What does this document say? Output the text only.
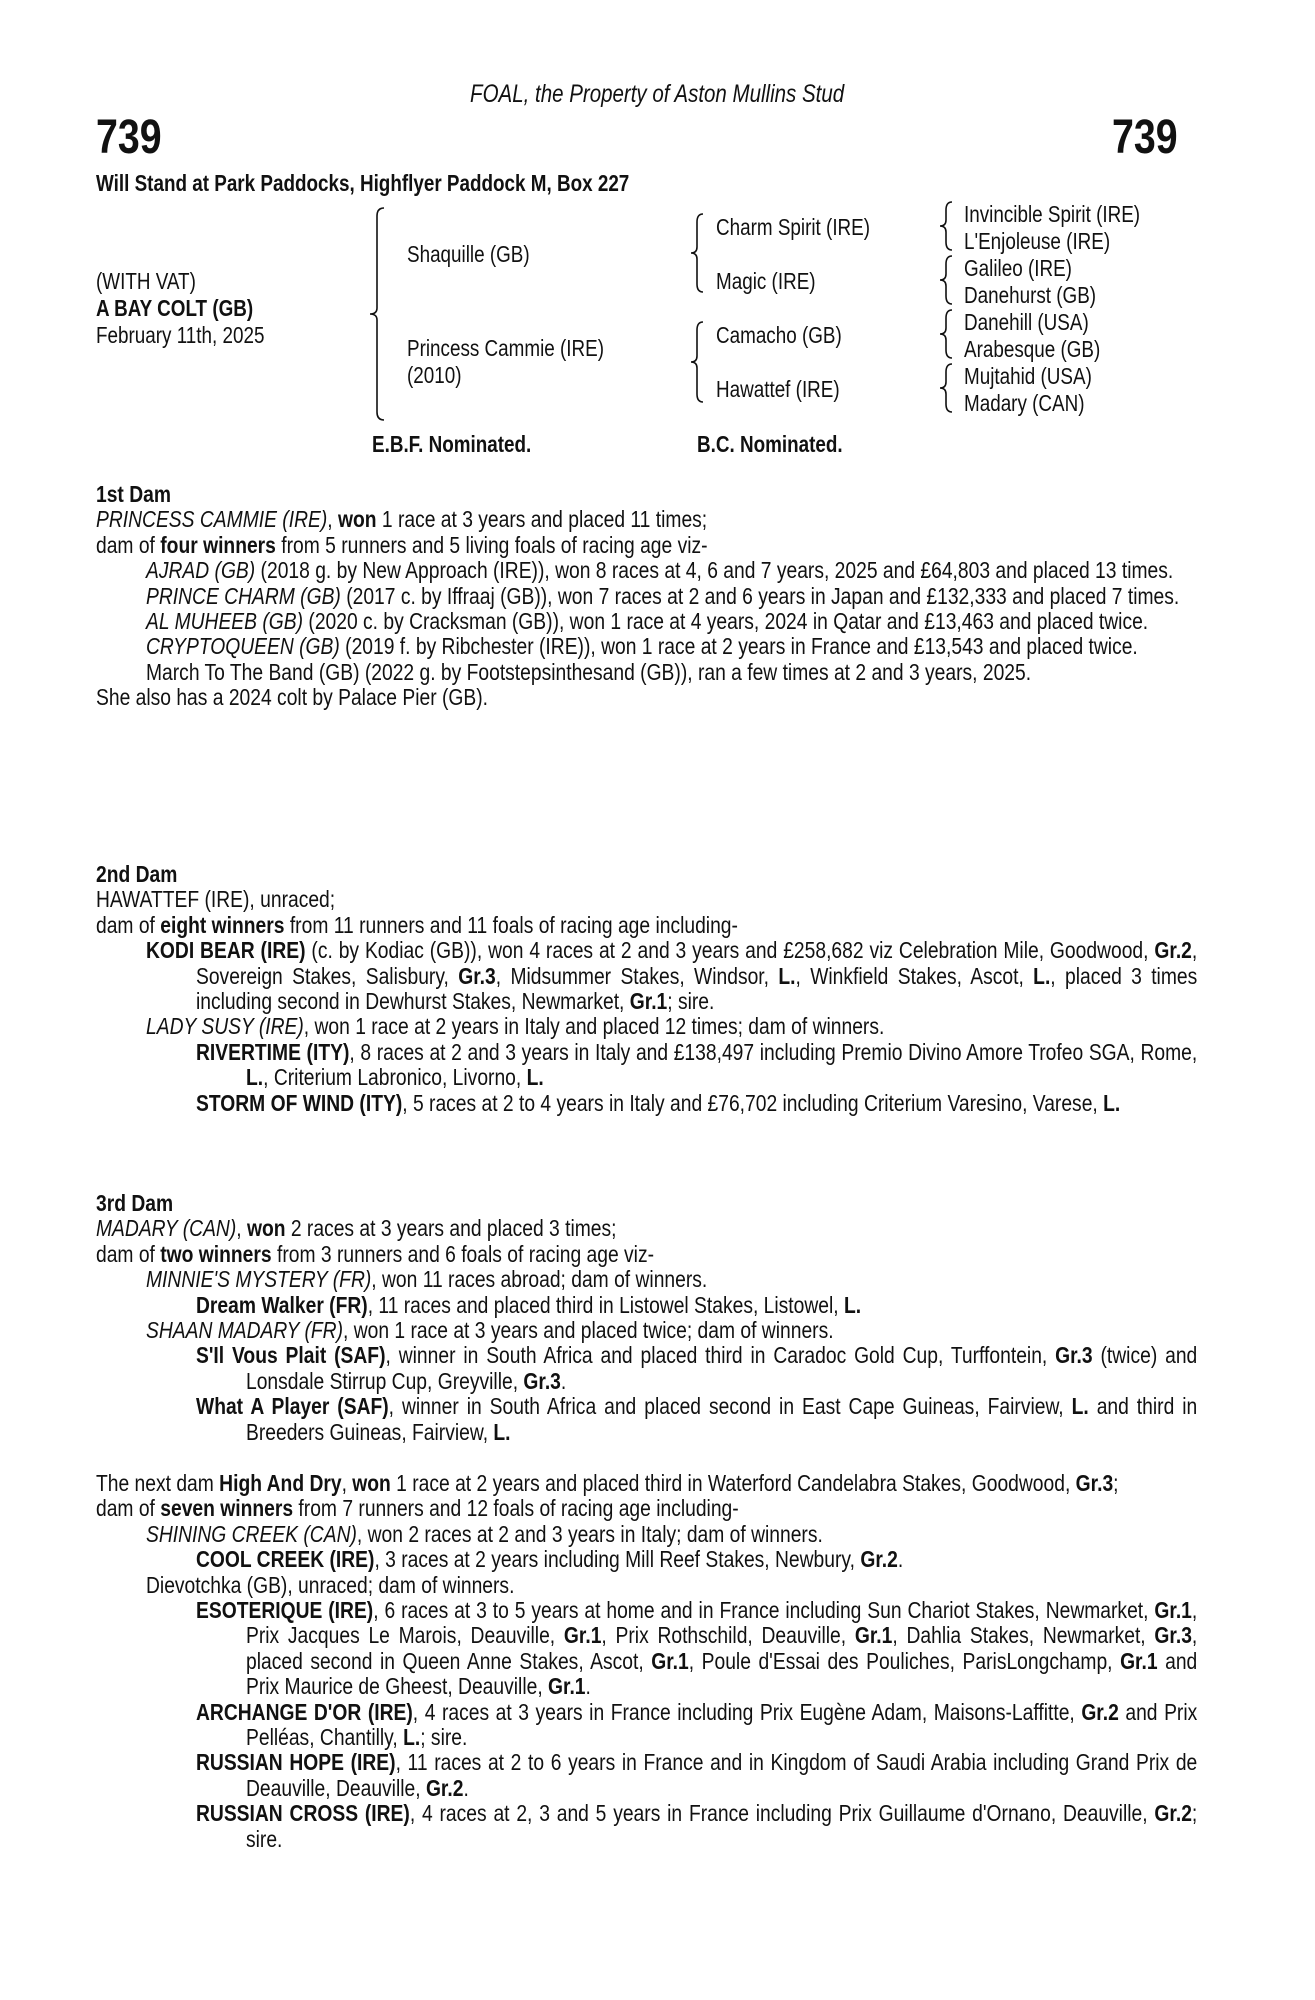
FOAL, the Property of Aston Mullins Stud
739	739
Will Stand at Park Paddocks, Highflyer Paddock M, Box 227
(WITH VAT)
A BAY COLT (GB)
February 11th, 2025
Shaquille (GB)
Princess Cammie (IRE)
(2010)
Charm Spirit (IRE)
Magic (IRE)
Camacho (GB)
Hawattef (IRE)
Invincible Spirit (IRE)
L'Enjoleuse (IRE)
Galileo (IRE)
Danehurst (GB)
Danehill (USA)
Arabesque (GB)
Mujtahid (USA)
Madary (CAN)
E.B.F. Nominated.	B.C. Nominated.
1st Dam

PRINCESS CAMMIE (IRE), won 1 race at 3 years and placed 11 times;

dam of four winners from 5 runners and 5 living foals of racing age viz-

AJRAD (GB) (2018 g. by New Approach (IRE)), won 8 races at 4, 6 and 7 years, 2025 and £64,803 and placed 13 times.

PRINCE CHARM (GB) (2017 c. by Iffraaj (GB)), won 7 races at 2 and 6 years in Japan and £132,333 and placed 7 times.

AL MUHEEB (GB) (2020 c. by Cracksman (GB)), won 1 race at 4 years, 2024 in Qatar and £13,463 and placed twice.

CRYPTOQUEEN (GB) (2019 f. by Ribchester (IRE)), won 1 race at 2 years in France and £13,543 and placed twice.

March To The Band (GB) (2022 g. by Footstepsinthesand (GB)), ran a few times at 2 and 3 years, 2025.

She also has a 2024 colt by Palace Pier (GB).

2nd Dam

HAWATTEF (IRE), unraced;

dam of eight winners from 11 runners and 11 foals of racing age including-

KODI BEAR (IRE) (c. by Kodiac (GB)), won 4 races at 2 and 3 years and £258,682 viz Celebration Mile, Goodwood, Gr.2, Sovereign Stakes, Salisbury, Gr.3, Midsummer Stakes, Windsor, L., Winkfield Stakes, Ascot, L., placed 3 times including second in Dewhurst Stakes, Newmarket, Gr.1; sire.

LADY SUSY (IRE), won 1 race at 2 years in Italy and placed 12 times; dam of winners.

RIVERTIME (ITY), 8 races at 2 and 3 years in Italy and £138,497 including Premio Divino Amore Trofeo SGA, Rome, L., Criterium Labronico, Livorno, L.

STORM OF WIND (ITY), 5 races at 2 to 4 years in Italy and £76,702 including Criterium Varesino, Varese, L.

3rd Dam

MADARY (CAN), won 2 races at 3 years and placed 3 times;

dam of two winners from 3 runners and 6 foals of racing age viz-

MINNIE'S MYSTERY (FR), won 11 races abroad; dam of winners.

Dream Walker (FR), 11 races and placed third in Listowel Stakes, Listowel, L.

SHAAN MADARY (FR), won 1 race at 3 years and placed twice; dam of winners.

S'Il Vous Plait (SAF), winner in South Africa and placed third in Caradoc Gold Cup, Turffontein, Gr.3 (twice) and Lonsdale Stirrup Cup, Greyville, Gr.3.

What A Player (SAF), winner in South Africa and placed second in East Cape Guineas, Fairview, L. and third in Breeders Guineas, Fairview, L.

The next dam High And Dry, won 1 race at 2 years and placed third in Waterford Candelabra Stakes, Goodwood, Gr.3;

dam of seven winners from 7 runners and 12 foals of racing age including-

SHINING CREEK (CAN), won 2 races at 2 and 3 years in Italy; dam of winners.

COOL CREEK (IRE), 3 races at 2 years including Mill Reef Stakes, Newbury, Gr.2.

Dievotchka (GB), unraced; dam of winners.

ESOTERIQUE (IRE), 6 races at 3 to 5 years at home and in France including Sun Chariot Stakes, Newmarket, Gr.1, Prix Jacques Le Marois, Deauville, Gr.1, Prix Rothschild, Deauville, Gr.1, Dahlia Stakes, Newmarket, Gr.3, placed second in Queen Anne Stakes, Ascot, Gr.1, Poule d'Essai des Pouliches, ParisLongchamp, Gr.1 and Prix Maurice de Gheest, Deauville, Gr.1.

ARCHANGE D'OR (IRE), 4 races at 3 years in France including Prix Eugène Adam, Maisons-Laffitte, Gr.2 and Prix Pelléas, Chantilly, L.; sire.

RUSSIAN HOPE (IRE), 11 races at 2 to 6 years in France and in Kingdom of Saudi Arabia including Grand Prix de Deauville, Deauville, Gr.2.

RUSSIAN CROSS (IRE), 4 races at 2, 3 and 5 years in France including Prix Guillaume d'Ornano, Deauville, Gr.2; sire.
